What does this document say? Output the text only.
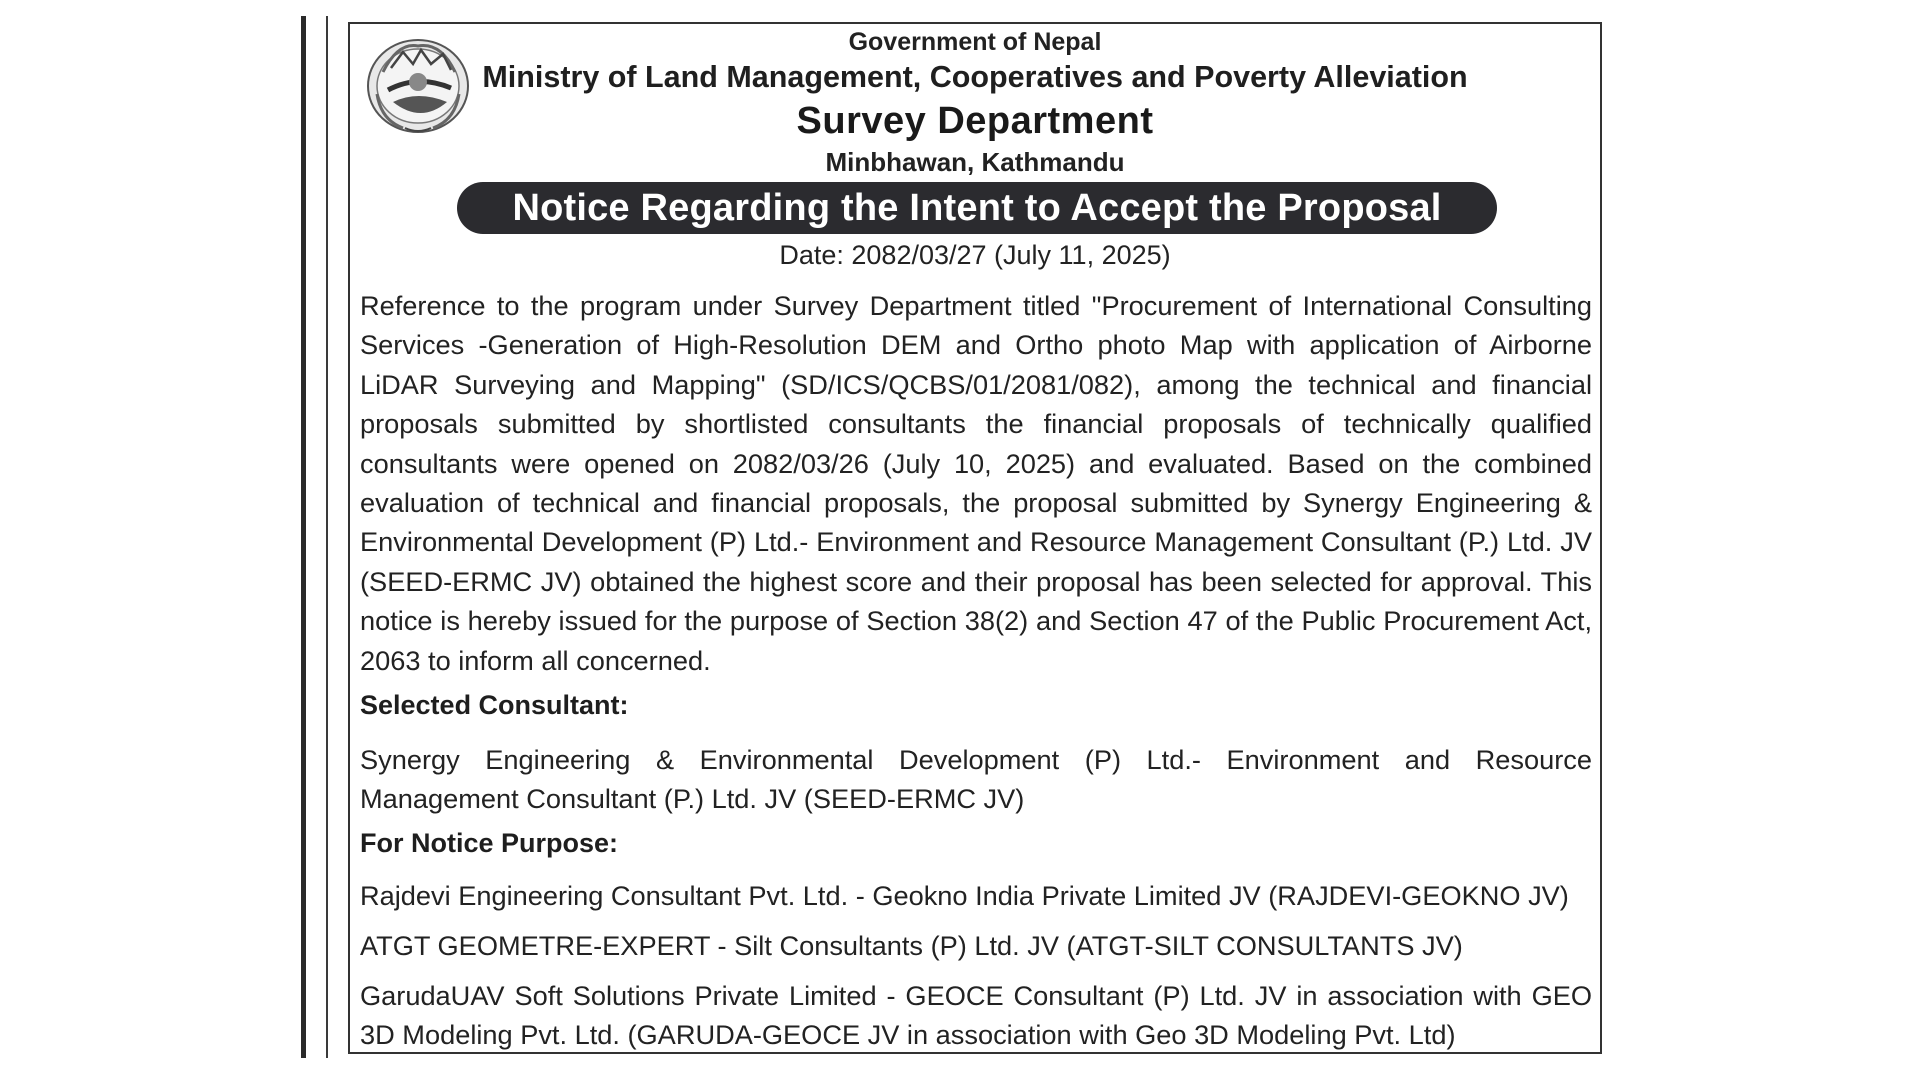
Government of Nepal
Ministry of Land Management, Cooperatives and Poverty Alleviation
Survey Department
Minbhawan, Kathmandu
Notice Regarding the Intent to Accept the Proposal
Date: 2082/03/27 (July 11, 2025)
Reference to the program under Survey Department titled "Procurement of International Consulting Services -Generation of High-Resolution DEM and Ortho photo Map with application of Airborne LiDAR Surveying and Mapping" (SD/ICS/QCBS/01/2081/082), among the technical and financial proposals submitted by shortlisted consultants the financial proposals of technically qualified consultants were opened on 2082/03/26 (July 10, 2025) and evaluated. Based on the combined evaluation of technical and financial proposals, the proposal submitted by Synergy Engineering & Environmental Development (P) Ltd.- Environment and Resource Management Consultant (P.) Ltd. JV (SEED-ERMC JV) obtained the highest score and their proposal has been selected for approval. This notice is hereby issued for the purpose of Section 38(2) and Section 47 of the Public Procurement Act, 2063 to inform all concerned.
Selected Consultant:
Synergy Engineering & Environmental Development (P) Ltd.- Environment and Resource Management Consultant (P.) Ltd. JV (SEED-ERMC JV)
For Notice Purpose:
Rajdevi Engineering Consultant Pvt. Ltd. - Geokno India Private Limited JV (RAJDEVI-GEOKNO JV)
ATGT GEOMETRE-EXPERT - Silt Consultants (P) Ltd. JV (ATGT-SILT CONSULTANTS JV)
GarudaUAV Soft Solutions Private Limited - GEOCE Consultant (P) Ltd. JV in association with GEO 3D Modeling Pvt. Ltd. (GARUDA-GEOCE JV in association with Geo 3D Modeling Pvt. Ltd)
